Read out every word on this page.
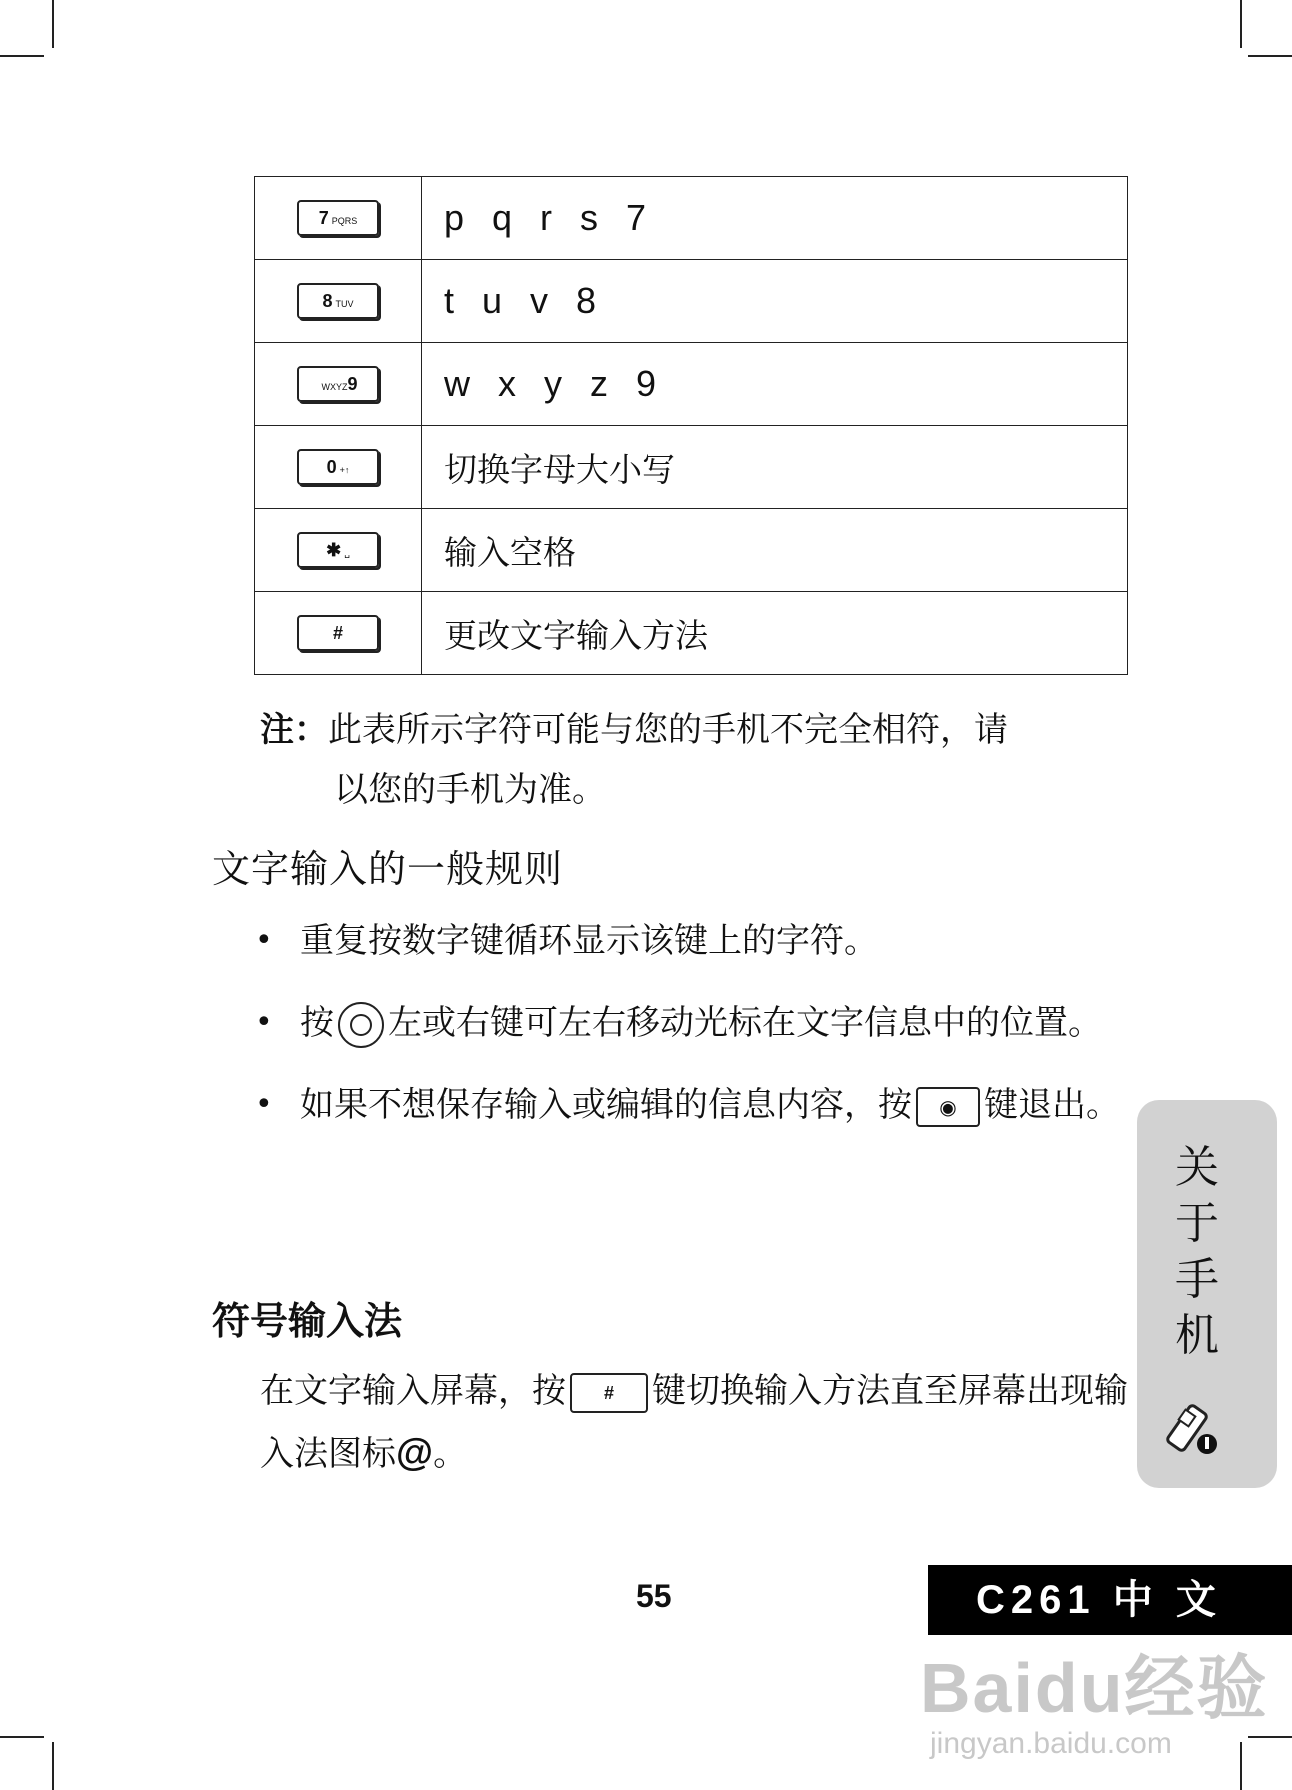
7 PQRS	p q r s 7
8 TUV	t u v 8
WXYZ9	w x y z 9
0 +↑	切换字母大小写
✱ ␣	输入空格
#	更改文字输入方法
注：此表所示字符可能与您的手机不完全相符，请
以您的手机为准。
文字输入的一般规则
• 重复按数字键循环显示该键上的字符。
• 按 左或右键可左右移动光标在文字信息中的位置。
• 如果不想保存输入或编辑的信息内容，按 ◉ 键退出。
符号输入法
在文字输入屏幕，按 #键切换输入方法直至屏幕出现输入法图标@。
关于手机
55	C261 中 文
Baidu经验
jingyan.baidu.com
